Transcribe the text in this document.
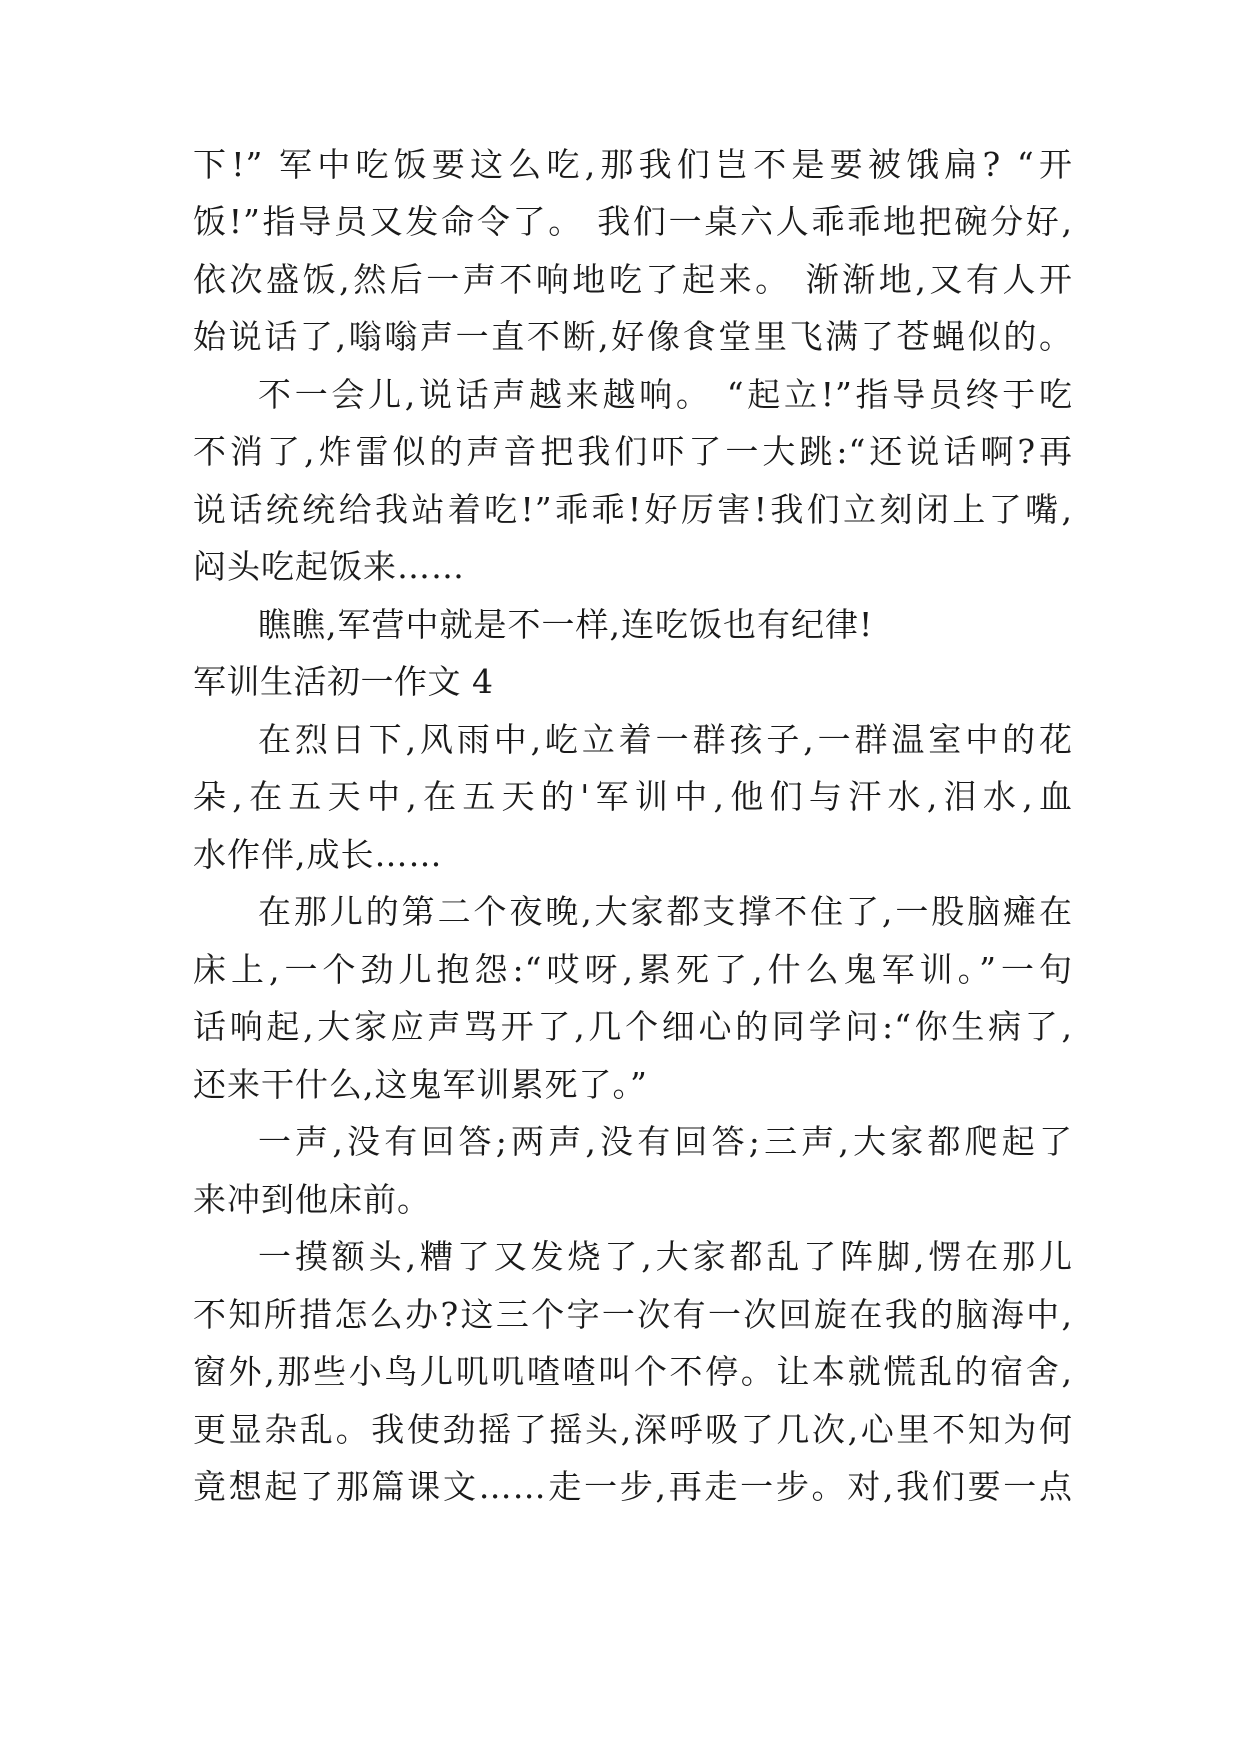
下!” 军中吃饭要这么吃,那我们岂不是要被饿扁? “开
饭!”指导员又发命令了。 我们一桌六人乖乖地把碗分好,
依次盛饭,然后一声不响地吃了起来。 渐渐地,又有人开
始说话了,嗡嗡声一直不断,好像食堂里飞满了苍蝇似的。
不一会儿,说话声越来越响。 “起立!”指导员终于吃
不消了,炸雷似的声音把我们吓了一大跳:“还说话啊?再
说话统统给我站着吃!”乖乖!好厉害!我们立刻闭上了嘴,
闷头吃起饭来……
瞧瞧,军营中就是不一样,连吃饭也有纪律!
军训生活初一作文 4
在烈日下,风雨中,屹立着一群孩子,一群温室中的花
朵,在五天中,在五天的'军训中,他们与汗水,泪水,血
水作伴,成长……
在那儿的第二个夜晚,大家都支撑不住了,一股脑瘫在
床上,一个劲儿抱怨:“哎呀,累死了,什么鬼军训。”一句
话响起,大家应声骂开了,几个细心的同学问:“你生病了,
还来干什么,这鬼军训累死了。”
一声,没有回答;两声,没有回答;三声,大家都爬起了
来冲到他床前。
一摸额头,糟了又发烧了,大家都乱了阵脚,愣在那儿
不知所措怎么办?这三个字一次有一次回旋在我的脑海中,
窗外,那些小鸟儿叽叽喳喳叫个不停。让本就慌乱的宿舍,
更显杂乱。我使劲摇了摇头,深呼吸了几次,心里不知为何
竟想起了那篇课文……走一步,再走一步。对,我们要一点
